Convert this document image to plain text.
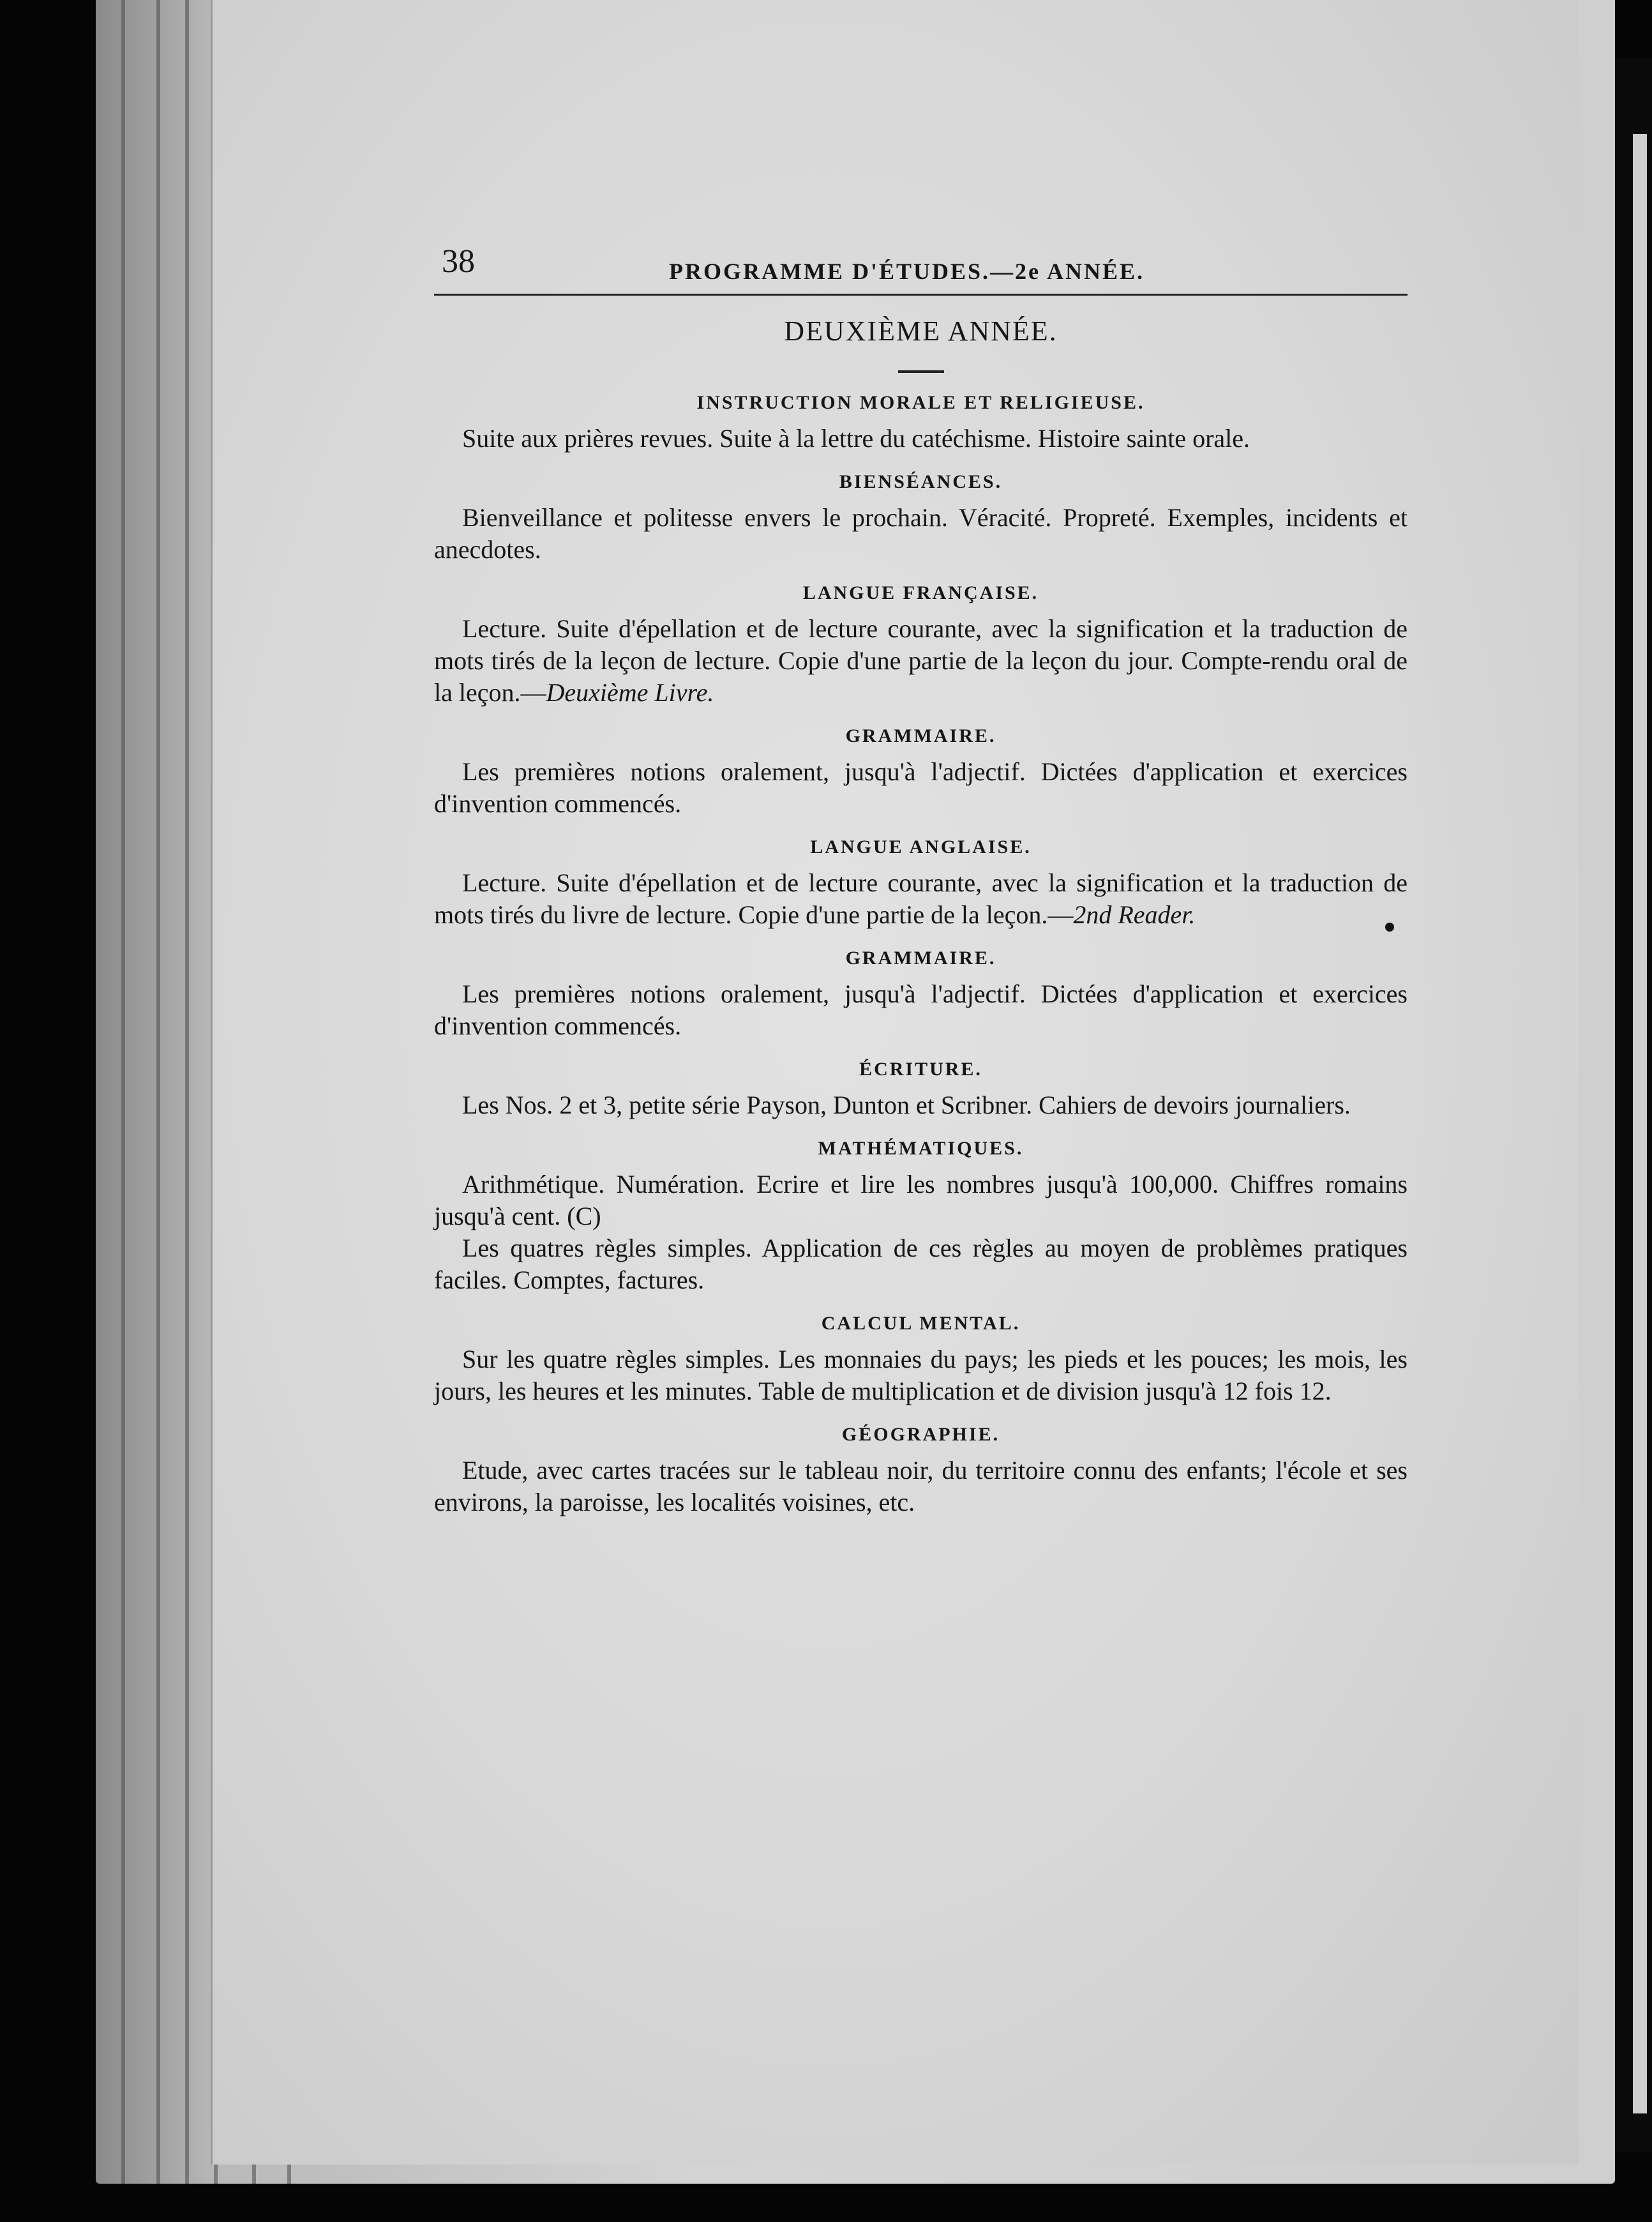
38	PROGRAMME D'ÉTUDES.—2e ANNÉE.
DEUXIÈME ANNÉE.
INSTRUCTION MORALE ET RELIGIEUSE.

Suite aux prières revues. Suite à la lettre du catéchisme. Histoire sainte orale.

BIENSÉANCES.

Bienveillance et politesse envers le prochain. Véracité. Propreté. Exemples, incidents et anecdotes.

LANGUE FRANÇAISE.

Lecture. Suite d'épellation et de lecture courante, avec la signification et la traduction de mots tirés de la leçon de lecture. Copie d'une partie de la leçon du jour. Compte-rendu oral de la leçon.—Deuxième Livre.

GRAMMAIRE.

Les premières notions oralement, jusqu'à l'adjectif. Dictées d'application et exercices d'invention commencés.

LANGUE ANGLAISE.

Lecture. Suite d'épellation et de lecture courante, avec la signification et la traduction de mots tirés du livre de lecture. Copie d'une partie de la leçon.—2nd Reader.

GRAMMAIRE.

Les premières notions oralement, jusqu'à l'adjectif. Dictées d'application et exercices d'invention commencés.

ÉCRITURE.

Les Nos. 2 et 3, petite série Payson, Dunton et Scribner. Cahiers de devoirs journaliers.

MATHÉMATIQUES.

Arithmétique. Numération. Ecrire et lire les nombres jusqu'à 100,000. Chiffres romains jusqu'à cent. (C)

Les quatres règles simples. Application de ces règles au moyen de problèmes pratiques faciles. Comptes, factures.

CALCUL MENTAL.

Sur les quatre règles simples. Les monnaies du pays; les pieds et les pouces; les mois, les jours, les heures et les minutes. Table de multiplication et de division jusqu'à 12 fois 12.

GÉOGRAPHIE.

Etude, avec cartes tracées sur le tableau noir, du territoire connu des enfants; l'école et ses environs, la paroisse, les localités voisines, etc.
